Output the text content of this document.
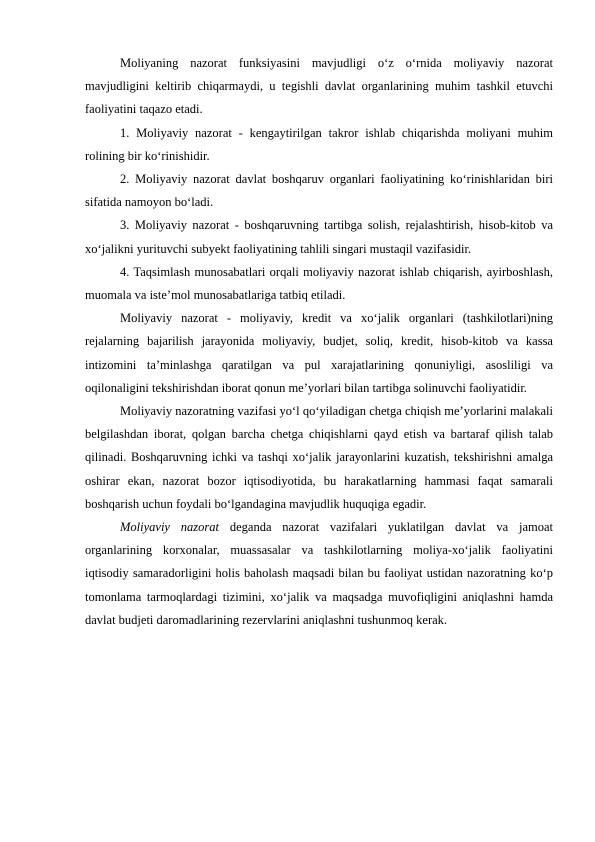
Moliyaning nazorat funksiyasini mavjudligi o‘z o‘rnida moliyaviy nazorat mavjudligini keltirib chiqarmaydi, u tegishli davlat organlarining muhim tashkil etuvchi faoliyatini taqazo etadi.

1. Moliyaviy nazorat - kengaytirilgan takror ishlab chiqarishda moliyani muhim rolining bir ko‘rinishidir.

2. Moliyaviy nazorat davlat boshqaruv organlari faoliyatining ko‘rinishlaridan biri sifatida namoyon bo‘ladi.

3. Moliyaviy nazorat - boshqaruvning tartibga solish, rejalashtirish, hisob-kitob va xo‘jalikni yurituvchi subyekt faoliyatining tahlili singari mustaqil vazifasidir.

4. Taqsimlash munosabatlari orqali moliyaviy nazorat ishlab chiqarish, ayirboshlash, muomala va iste’mol munosabatlariga tatbiq etiladi.

Moliyaviy nazorat - moliyaviy, kredit va xo‘jalik organlari (tashkilotlari)ning rejalarning bajarilish jarayonida moliyaviy, budjet, soliq, kredit, hisob-kitob va kassa intizomini ta’minlashga qaratilgan va pul xarajatlarining qonuniyligi, asosliligi va oqilonaligini tekshirishdan iborat qonun me’yorlari bilan tartibga solinuvchi faoliyatidir.

Moliyaviy nazoratning vazifasi yo‘l qo‘yiladigan chetga chiqish me’yorlarini malakali belgilashdan iborat, qolgan barcha chetga chiqishlarni qayd etish va bartaraf qilish talab qilinadi. Boshqaruvning ichki va tashqi xo‘jalik jarayonlarini kuzatish, tekshirishni amalga oshirar ekan, nazorat bozor iqtisodiyotida, bu harakatlarning hammasi faqat samarali boshqarish uchun foydali bo‘lgandagina mavjudlik huquqiga egadir.

Moliyaviy nazorat deganda nazorat vazifalari yuklatilgan davlat va jamoat organlarining korxonalar, muassasalar va tashkilotlarning moliya-xo‘jalik faoliyatini iqtisodiy samaradorligini holis baholash maqsadi bilan bu faoliyat ustidan nazoratning ko‘p tomonlama tarmoqlardagi tizimini, xo‘jalik va maqsadga muvofiqligini aniqlashni hamda davlat budjeti daromadlarining rezervlarini aniqlashni tushunmoq kerak.
